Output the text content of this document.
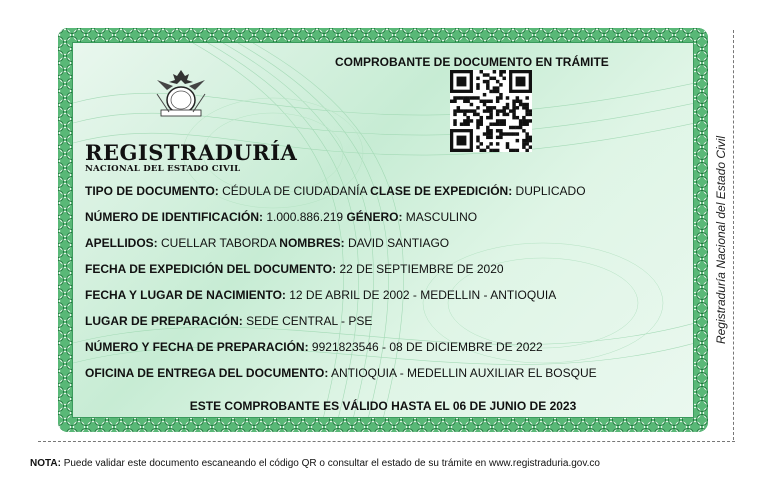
Registraduría Nacional del Estado Civil
REGISTRADURÍA
NACIONAL DEL ESTADO CIVIL
COMPROBANTE DE DOCUMENTO EN TRÁMITE
TIPO DE DOCUMENTO: CÉDULA DE CIUDADANÍA CLASE DE EXPEDICIÓN: DUPLICADO
NÚMERO DE IDENTIFICACIÓN: 1.000.886.219 GÉNERO: MASCULINO
APELLIDOS: CUELLAR TABORDA NOMBRES: DAVID SANTIAGO
FECHA DE EXPEDICIÓN DEL DOCUMENTO: 22 DE SEPTIEMBRE DE 2020
FECHA Y LUGAR DE NACIMIENTO: 12 DE ABRIL DE 2002 - MEDELLIN - ANTIOQUIA
LUGAR DE PREPARACIÓN: SEDE CENTRAL - PSE
NÚMERO Y FECHA DE PREPARACIÓN: 9921823546 - 08 DE DICIEMBRE DE 2022
OFICINA DE ENTREGA DEL DOCUMENTO: ANTIOQUIA - MEDELLIN AUXILIAR EL BOSQUE
ESTE COMPROBANTE ES VÁLIDO HASTA EL 06 DE JUNIO DE 2023
NOTA: Puede validar este documento escaneando el código QR o consultar el estado de su trámite en www.registraduria.gov.co
